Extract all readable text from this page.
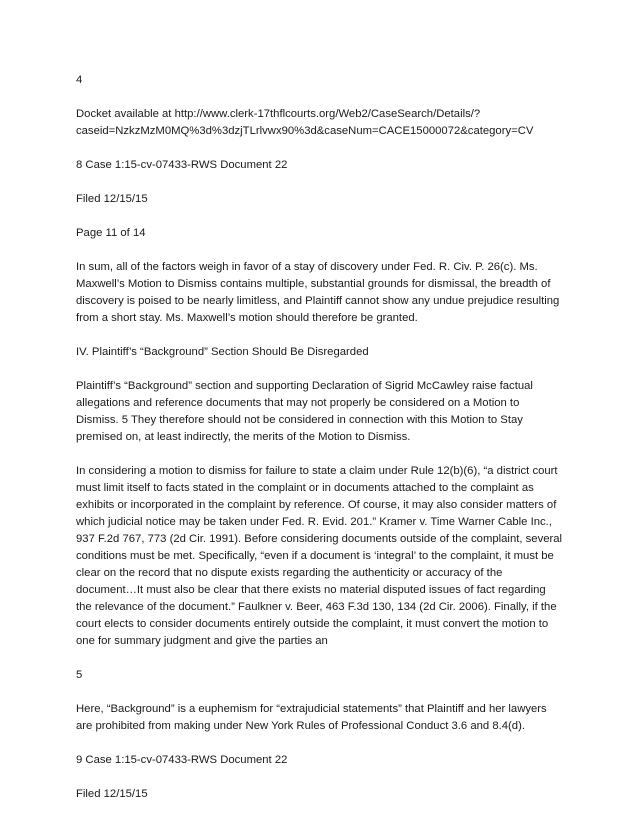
4

Docket available at http://www.clerk-17thflcourts.org/Web2/CaseSearch/Details/?caseid=NzkzMzM0MQ%3d%3dzjTLrlvwx90%3d&caseNum=CACE15000072&category=CV

8 Case 1:15-cv-07433-RWS Document 22

Filed 12/15/15

Page 11 of 14

In sum, all of the factors weigh in favor of a stay of discovery under Fed. R. Civ. P. 26(c). Ms. Maxwell’s Motion to Dismiss contains multiple, substantial grounds for dismissal, the breadth of discovery is poised to be nearly limitless, and Plaintiff cannot show any undue prejudice resulting from a short stay. Ms. Maxwell’s motion should therefore be granted.

IV. Plaintiff’s “Background” Section Should Be Disregarded

Plaintiff’s “Background” section and supporting Declaration of Sigrid McCawley raise factual allegations and reference documents that may not properly be considered on a Motion to Dismiss. 5 They therefore should not be considered in connection with this Motion to Stay premised on, at least indirectly, the merits of the Motion to Dismiss.

In considering a motion to dismiss for failure to state a claim under Rule 12(b)(6), “a district court must limit itself to facts stated in the complaint or in documents attached to the complaint as exhibits or incorporated in the complaint by reference. Of course, it may also consider matters of which judicial notice may be taken under Fed. R. Evid. 201.” Kramer v. Time Warner Cable Inc., 937 F.2d 767, 773 (2d Cir. 1991). Before considering documents outside of the complaint, several conditions must be met. Specifically, “even if a document is ‘integral’ to the complaint, it must be clear on the record that no dispute exists regarding the authenticity or accuracy of the document…It must also be clear that there exists no material disputed issues of fact regarding the relevance of the document.” Faulkner v. Beer, 463 F.3d 130, 134 (2d Cir. 2006). Finally, if the court elects to consider documents entirely outside the complaint, it must convert the motion to one for summary judgment and give the parties an

5

Here, “Background” is a euphemism for “extrajudicial statements” that Plaintiff and her lawyers are prohibited from making under New York Rules of Professional Conduct 3.6 and 8.4(d).

9 Case 1:15-cv-07433-RWS Document 22

Filed 12/15/15
